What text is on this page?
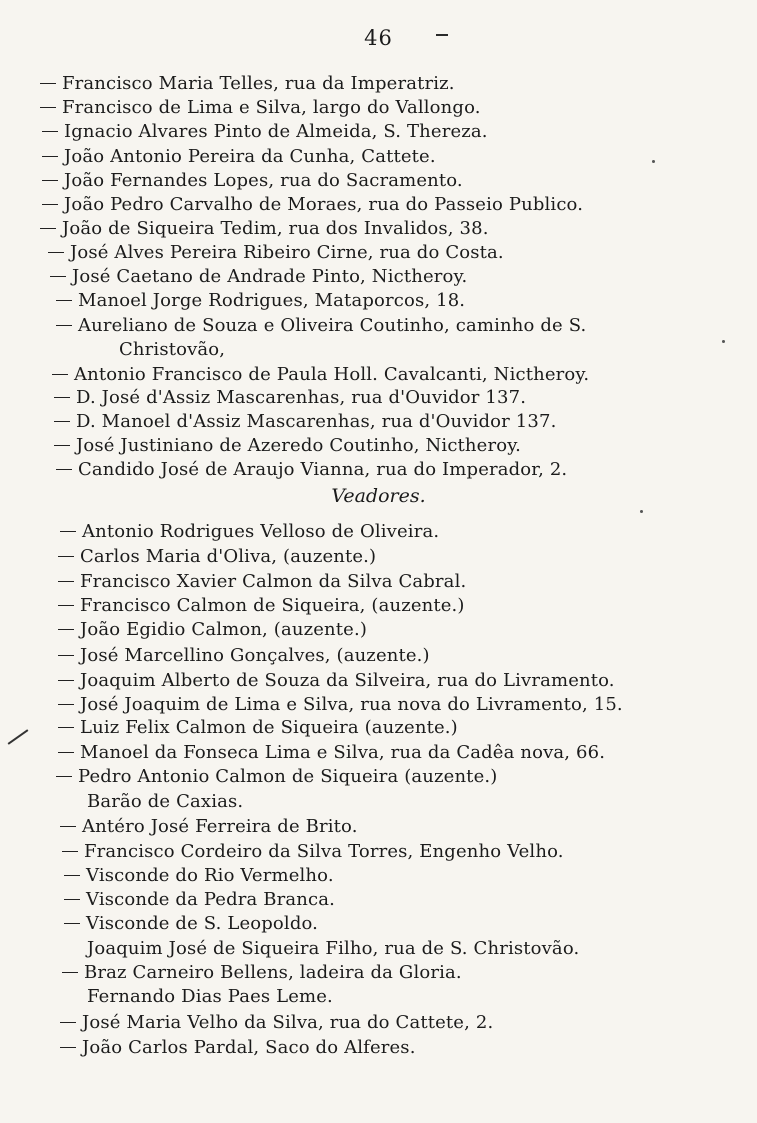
46
Francisco Maria Telles, rua da Imperatriz.
Francisco de Lima e Silva, largo do Vallongo.
Ignacio Alvares Pinto de Almeida, S. Thereza.
João Antonio Pereira da Cunha, Cattete.
João Fernandes Lopes, rua do Sacramento.
João Pedro Carvalho de Moraes, rua do Passeio Publico.
João de Siqueira Tedim, rua dos Invalidos, 38.
José Alves Pereira Ribeiro Cirne, rua do Costa.
José Caetano de Andrade Pinto, Nictheroy.
Manoel Jorge Rodrigues, Mataporcos, 18.
Aureliano de Souza e Oliveira Coutinho, caminho de S.
Christovão,
Antonio Francisco de Paula Holl. Cavalcanti, Nictheroy.
D. José d'Assiz Mascarenhas, rua d'Ouvidor 137.
D. Manoel d'Assiz Mascarenhas, rua d'Ouvidor 137.
José Justiniano de Azeredo Coutinho, Nictheroy.
Candido José de Araujo Vianna, rua do Imperador, 2.
Veadores.
Antonio Rodrigues Velloso de Oliveira.
Carlos Maria d'Oliva, (auzente.)
Francisco Xavier Calmon da Silva Cabral.
Francisco Calmon de Siqueira, (auzente.)
João Egidio Calmon, (auzente.)
José Marcellino Gonçalves, (auzente.)
Joaquim Alberto de Souza da Silveira, rua do Livramento.
José Joaquim de Lima e Silva, rua nova do Livramento, 15.
Luiz Felix Calmon de Siqueira (auzente.)
Manoel da Fonseca Lima e Silva, rua da Cadêa nova, 66.
Pedro Antonio Calmon de Siqueira (auzente.)
Barão de Caxias.
Antéro José Ferreira de Brito.
Francisco Cordeiro da Silva Torres, Engenho Velho.
Visconde do Rio Vermelho.
Visconde da Pedra Branca.
Visconde de S. Leopoldo.
Joaquim José de Siqueira Filho, rua de S. Christovão.
Braz Carneiro Bellens, ladeira da Gloria.
Fernando Dias Paes Leme.
José Maria Velho da Silva, rua do Cattete, 2.
João Carlos Pardal, Saco do Alferes.
